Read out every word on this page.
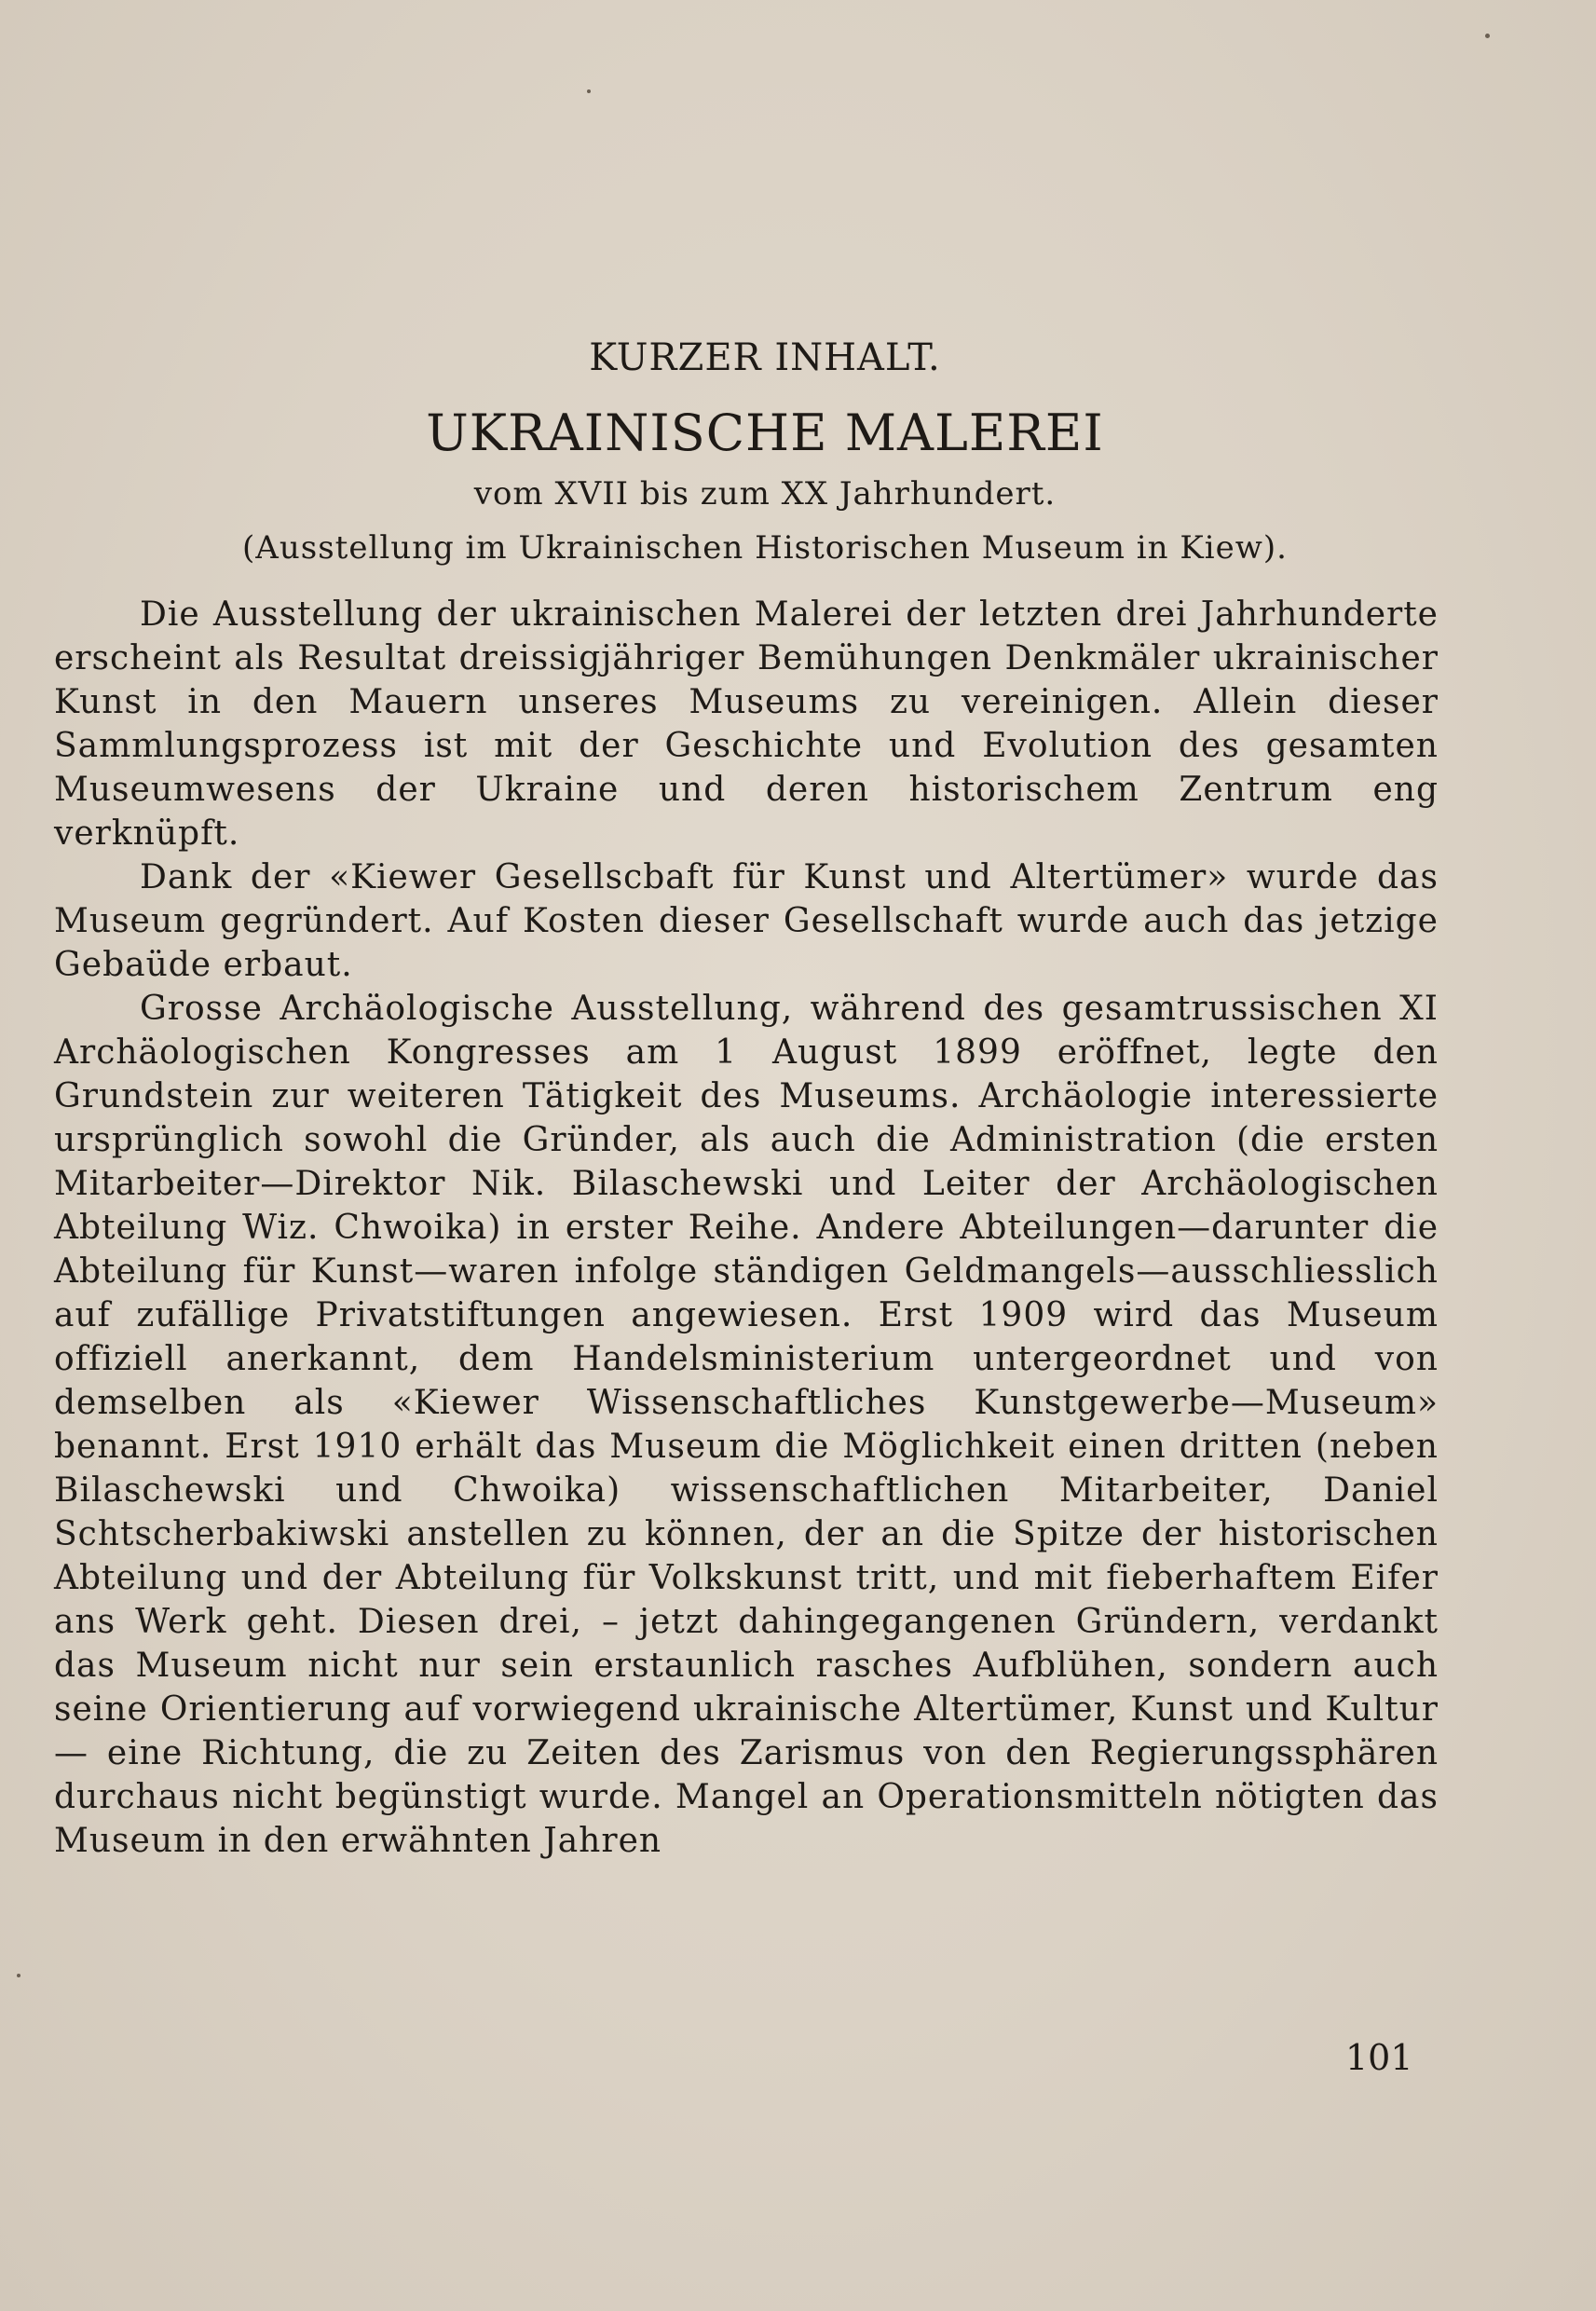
KURZER INHALT.
UKRAINISCHE MALEREI
vom XVII bis zum XX Jahrhundert.
(Ausstellung im Ukrainischen Historischen Museum in Kiew).

Die Ausstellung der ukrainischen Malerei der letzten drei Jahrhunderte erscheint als Resultat dreissigjähriger Bemühungen Denkmäler ukrainischer Kunst in den Mauern unseres Museums zu vereinigen. Allein dieser Sammlungsprozess ist mit der Geschichte und Evolution des gesamten Museumwesens der Ukraine und deren historischem Zentrum eng verknüpft.

Dank der «Kiewer Gesellscbaft für Kunst und Altertümer» wurde das Museum gegründert. Auf Kosten dieser Gesellschaft wurde auch das jetzige Gebaüde erbaut.

Grosse Archäologische Ausstellung, während des gesamtrussischen XI Archäologischen Kongresses am 1 August 1899 eröffnet, legte den Grundstein zur weiteren Tätigkeit des Museums. Archäologie interessierte ursprünglich sowohl die Gründer, als auch die Administration (die ersten Mitarbeiter—Direktor Nik. Bilaschewski und Leiter der Archäologischen Abteilung Wiz. Chwoika) in erster Reihe. Andere Abteilungen—darunter die Abteilung für Kunst—waren infolge ständigen Geldmangels—ausschliesslich auf zufällige Privatstiftungen angewiesen. Erst 1909 wird das Museum offiziell anerkannt, dem Handelsministerium untergeordnet und von demselben als «Kiewer Wissenschaftliches Kunstgewerbe—Museum» benannt. Erst 1910 erhält das Museum die Möglichkeit einen dritten (neben Bilaschewski und Chwoika) wissenschaftlichen Mitarbeiter, Daniel Schtscherbakiwski anstellen zu können, der an die Spitze der historischen Abteilung und der Abteilung für Volkskunst tritt, und mit fieberhaftem Eifer ans Werk geht. Diesen drei, – jetzt dahingegangenen Gründern, verdankt das Museum nicht nur sein erstaunlich rasches Aufblühen, sondern auch seine Orientierung auf vorwiegend ukrainische Altertümer, Kunst und Kultur — eine Richtung, die zu Zeiten des Zarismus von den Regierungssphären durchaus nicht begünstigt wurde. Mangel an Operationsmitteln nötigten das Museum in den erwähnten Jahren

101
